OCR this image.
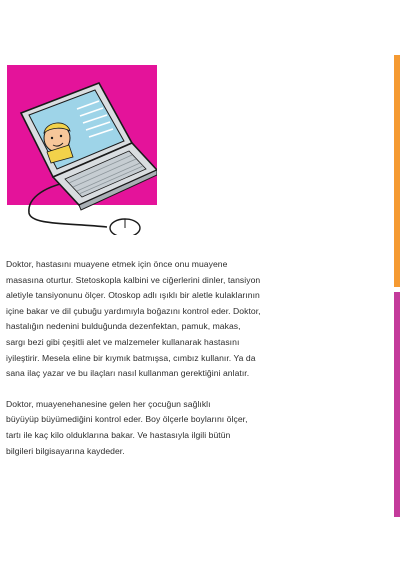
Doktor, hastasını muayene etmek için önce onu muayene
masasına oturtur. Stetoskopla kalbini ve ciğerlerini dinler, tansiyon
aletiyle tansiyonunu ölçer. Otoskop adlı ışıklı bir aletle kulaklarının
içine bakar ve dil çubuğu yardımıyla boğazını kontrol eder. Doktor,
hastalığın nedenini bulduğunda dezenfektan, pamuk, makas,
sargı bezi gibi çeşitli alet ve malzemeler kullanarak hastasını
iyileştirir. Mesela eline bir kıymık batmışsa, cımbız kullanır. Ya da
sana ilaç yazar ve bu ilaçları nasıl kullanman gerektiğini anlatır.

Doktor, muayenehanesine gelen her çocuğun sağlıklı
büyüyüp büyümediğini kontrol eder. Boy ölçerle boylarını ölçer,
tartı ile kaç kilo olduklarına bakar. Ve hastasıyla ilgili bütün
bilgileri bilgisayarına kaydeder.
